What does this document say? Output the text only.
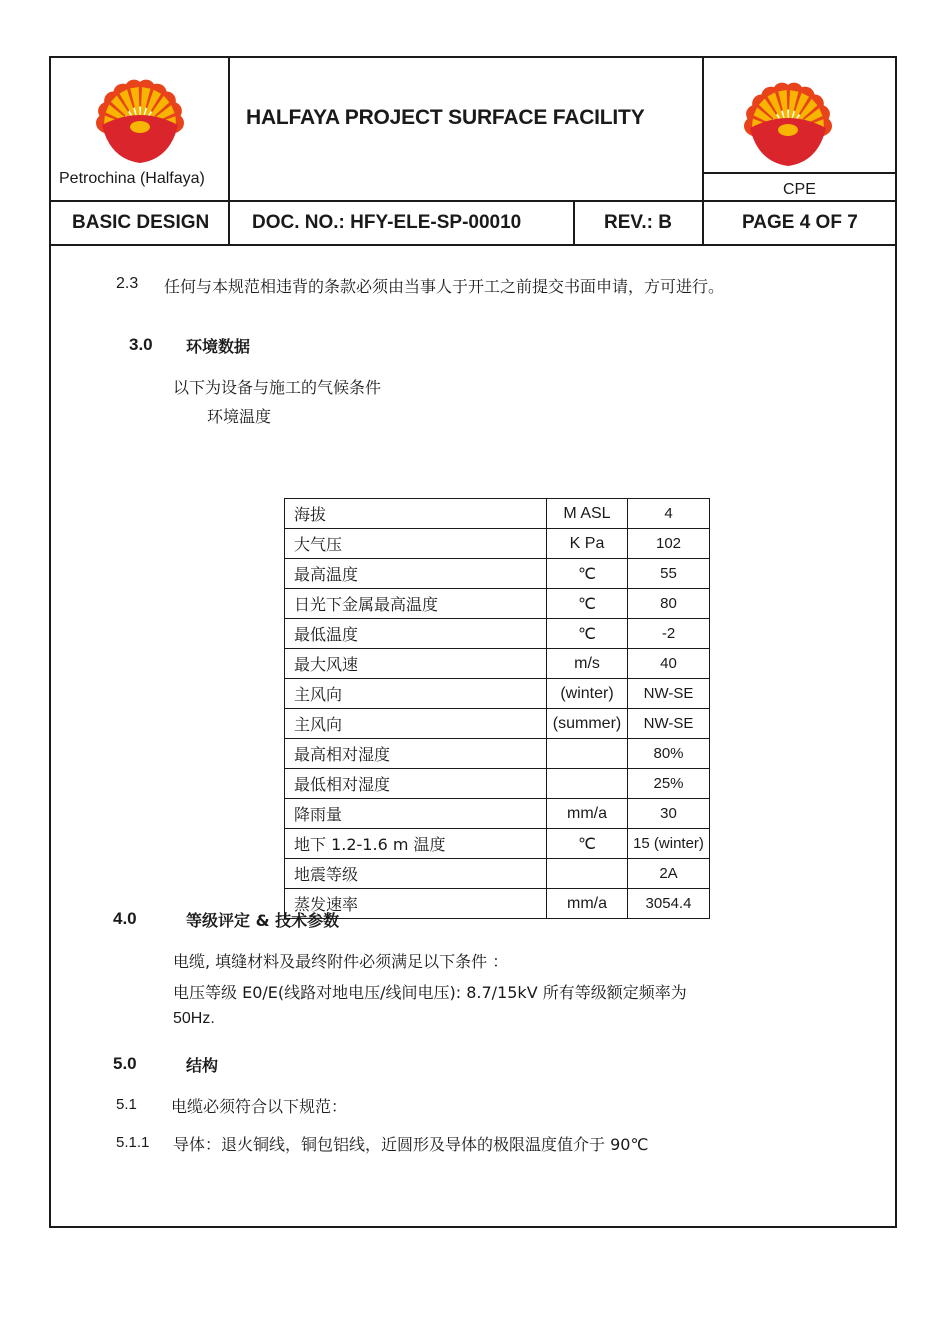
Petrochina (Halfaya)
HALFAYA PROJECT SURFACE FACILITY
CPE
BASIC DESIGN DOC. NO.: HFY-ELE-SP-00010	REV.: B	PAGE 4 OF 7
2.3 任何与本规范相违背的条款必须由当事人于开工之前提交书面申请，方可进行。
3.0 环境数据
以下为设备与施工的气候条件
环境温度
海拔	M ASL	4
大气压	K Pa	102
最高温度	℃	55
日光下金属最高温度	℃	80
最低温度	℃	-2
最大风速	m/s	40
主风向	(winter)	NW-SE
主风向	(summer)	NW-SE
最高相对湿度		80%
最低相对湿度		25%
降雨量	mm/a	30
地下 1.2-1.6 m 温度	℃	15 (winter)
地震等级		2A
蒸发速率	mm/a	3054.4
4.0	等级评定 & 技术参数
电缆, 填缝材料及最终附件必须满足以下条件 ：
电压等级 E0/E(线路对地电压/线间电压): 8.7/15kV 所有等级额定频率为
50Hz.
5.0	结构
5.1 电缆必须符合以下规范：
5.1.1 导体：退火铜线，铜包铝线，近圆形及导体的极限温度值介于 90℃
